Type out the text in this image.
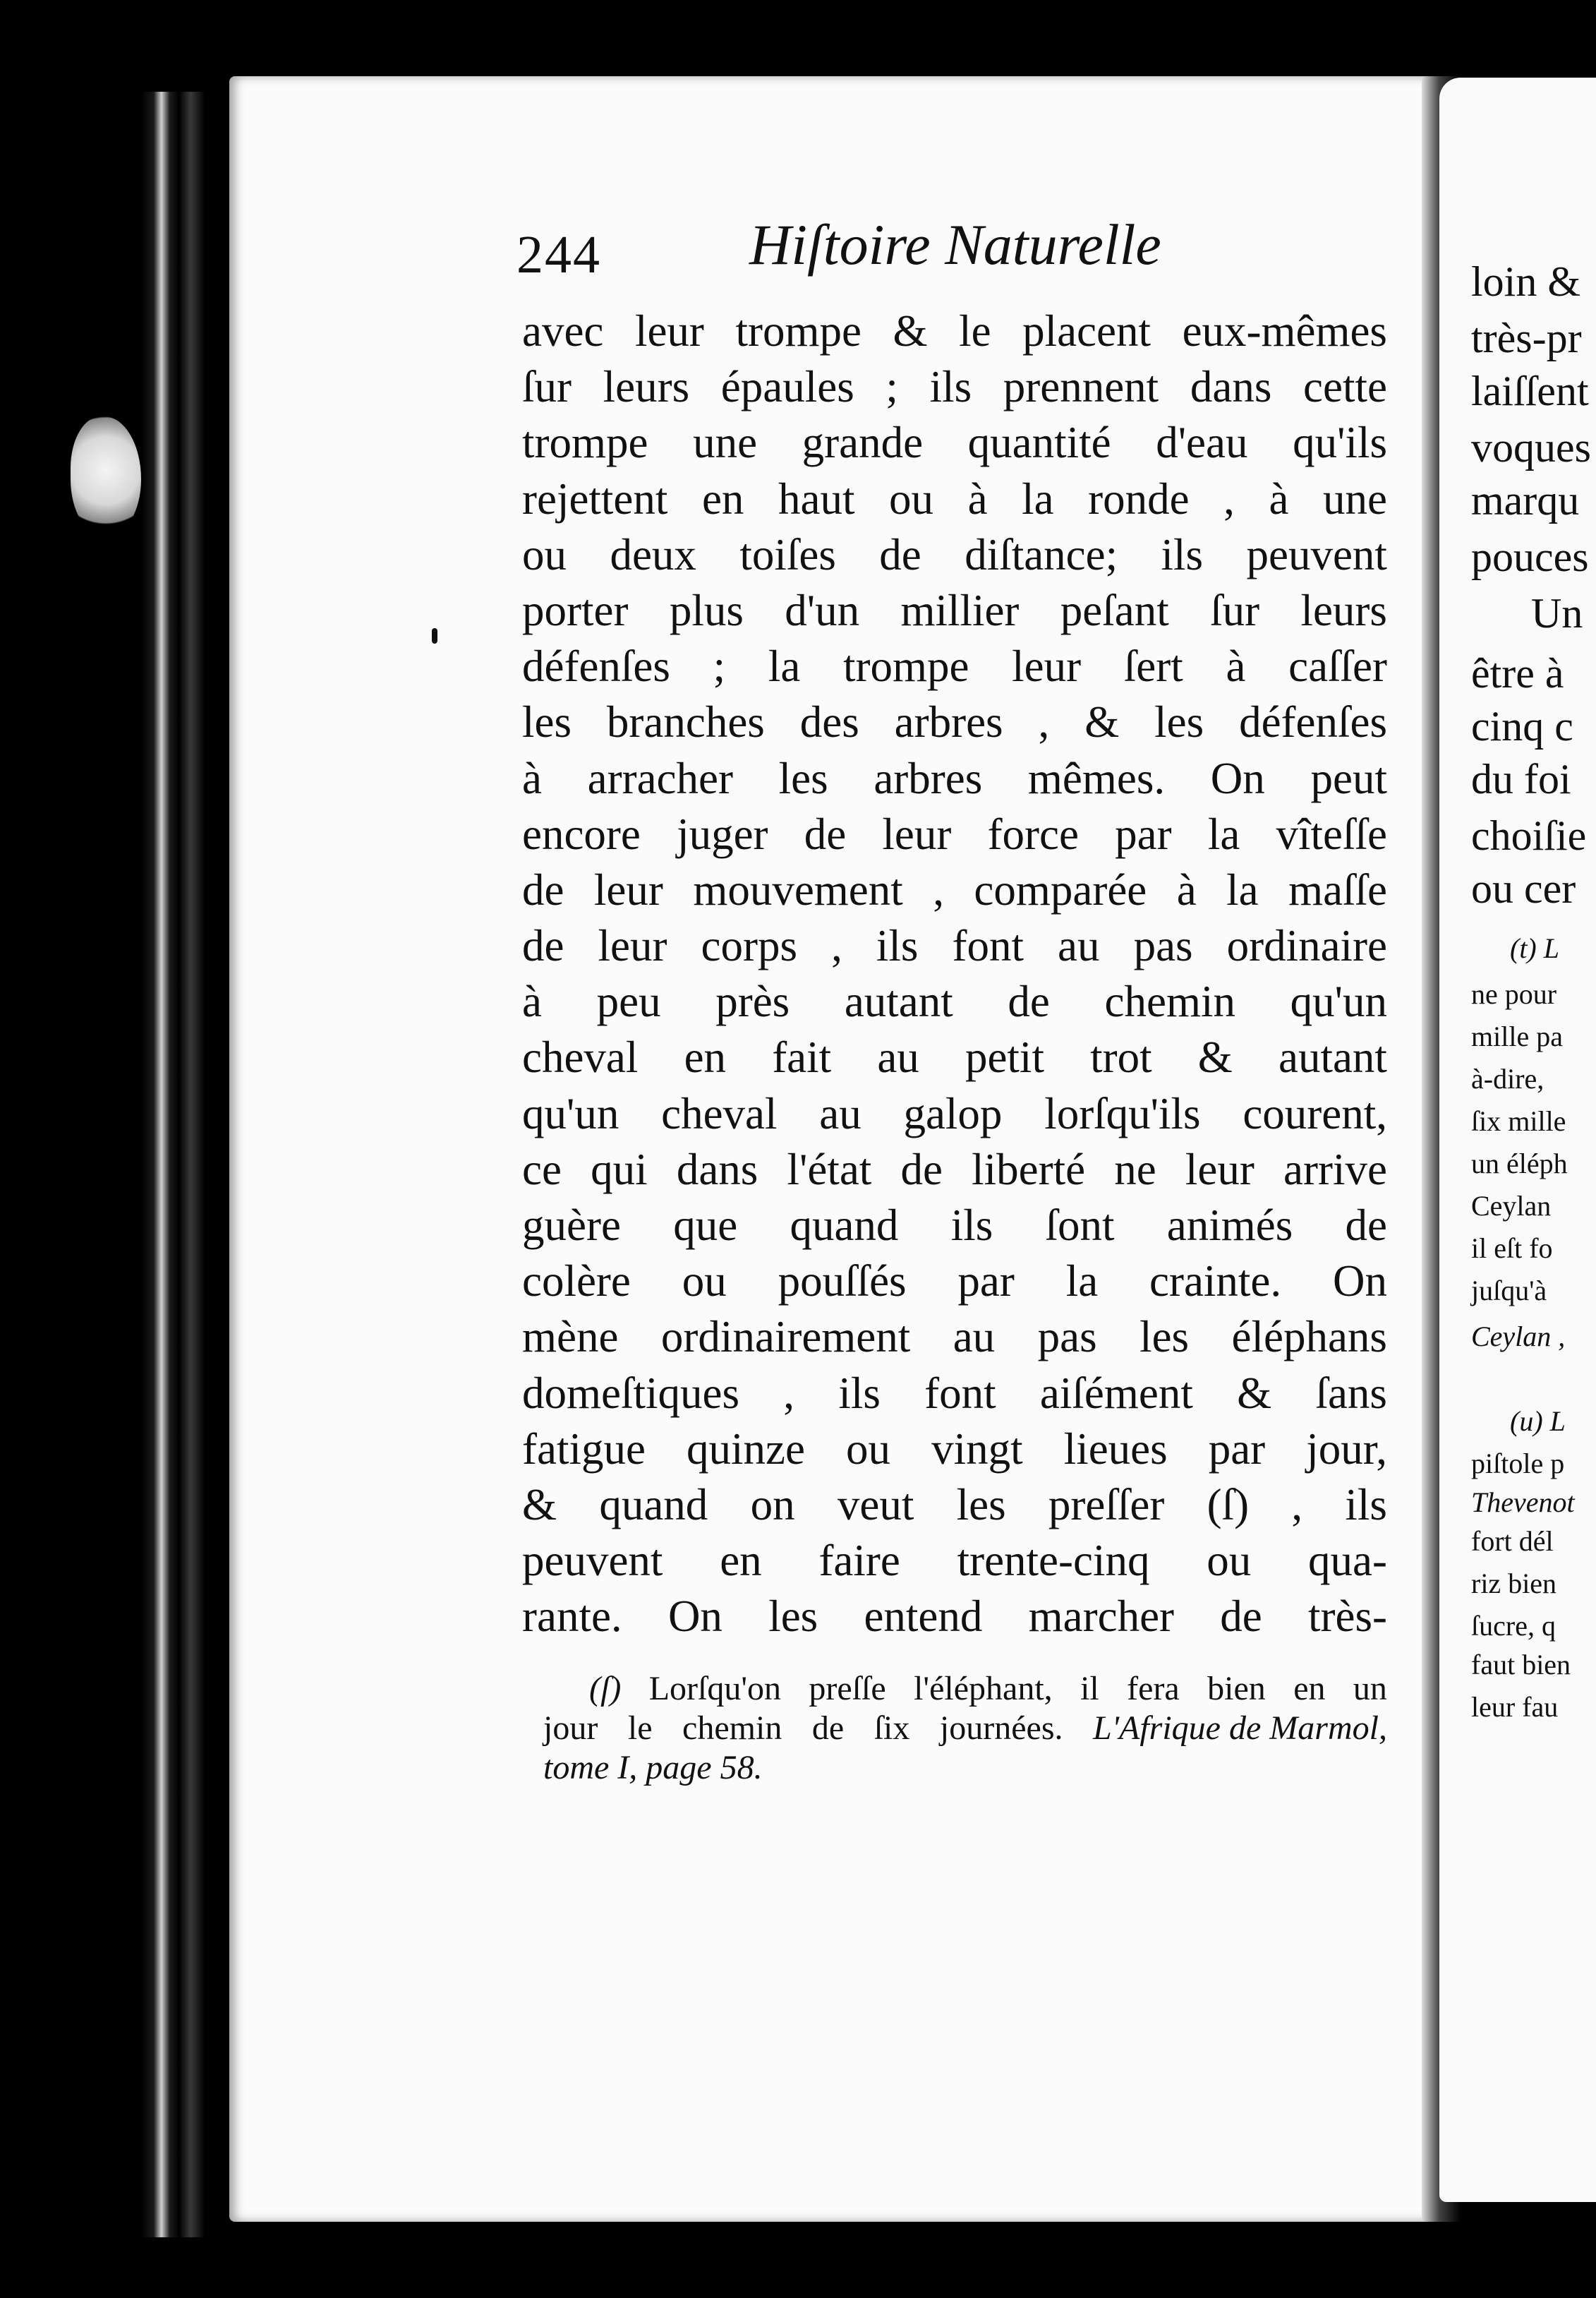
244	Hiſtoire Naturelle
avec leur trompe & le placent eux-mêmes
ſur leurs épaules ; ils prennent dans cette
trompe une grande quantité d'eau qu'ils
rejettent en haut ou à la ronde , à une
ou deux toiſes de diſtance; ils peuvent
porter plus d'un millier peſant ſur leurs
défenſes ; la trompe leur ſert à caſſer
les branches des arbres , & les défenſes
à arracher les arbres mêmes. On peut
encore juger de leur force par la vîteſſe
de leur mouvement , comparée à la maſſe
de leur corps , ils font au pas ordinaire
à peu près autant de chemin qu'un
cheval en fait au petit trot & autant
qu'un cheval au galop lorſqu'ils courent,
ce qui dans l'état de liberté ne leur arrive
guère que quand ils ſont animés de
colère ou pouſſés par la crainte. On
mène ordinairement au pas les éléphans
domeſtiques , ils font aiſément & ſans
fatigue quinze ou vingt lieues par jour,
& quand on veut les preſſer (ſ) , ils
peuvent en faire trente-cinq ou qua-
rante. On les entend marcher de très-
(ſ) Lorſqu'on preſſe l'éléphant, il fera bien en un
jour le chemin de ſix journées. L'Afrique de Marmol,
tome I, page 58.
loin &
très-pr
laiſſent
voques
marqu
pouces
Un
être à
cinq c
du foi
choiſie
ou cer
(t) L
ne pour
mille pa
à-dire,
ſix mille
un éléph
Ceylan
il eſt fo
juſqu'à
Ceylan ,
(u) L
piſtole p
Thevenot
fort dél
riz bien
ſucre, q
faut bien
leur fau
